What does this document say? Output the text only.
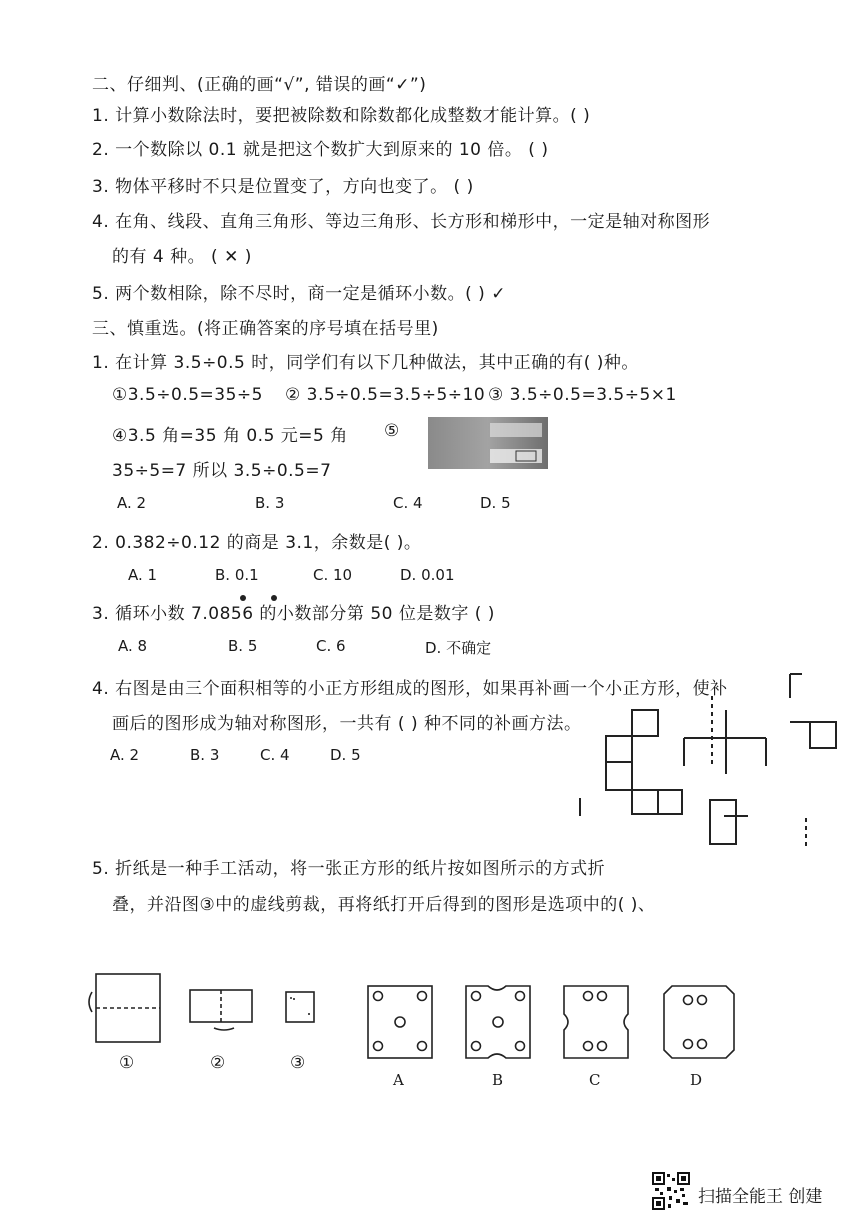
二、仔细判、(正确的画“√”, 错误的画“✓”)
1. 计算小数除法时，要把被除数和除数都化成整数才能计算。( )
2. 一个数除以 0.1 就是把这个数扩大到原来的 10 倍。 ( )
3. 物体平移时不只是位置变了，方向也变了。 ( )
4. 在角、线段、直角三角形、等边三角形、长方形和梯形中，一定是轴对称图形
的有 4 种。 ( ✕ )
5. 两个数相除，除不尽时，商一定是循环小数。( ) ✓
三、慎重选。(将正确答案的序号填在括号里)
1. 在计算 3.5÷0.5 时，同学们有以下几种做法，其中正确的有( )种。
①3.5÷0.5=35÷5 ② 3.5÷0.5=3.5÷5÷10 ③ 3.5÷0.5=3.5÷5×1
④3.5 角=35 角 0.5 元=5 角 ⑤
35÷5=7 所以 3.5÷0.5=7
A. 2	B. 3	C. 4	D. 5
2. 0.382÷0.12 的商是 3.1，余数是( )。
A. 1	B. 0.1	C. 10	D. 0.01
3. 循环小数 7.0856 的小数部分第 50 位是数字 ( )
A. 8	B. 5	C. 6	D. 不确定
4. 右图是由三个面积相等的小正方形组成的图形，如果再补画一个小正方形，使补
画后的图形成为轴对称图形，一共有 ( ) 种不同的补画方法。
A. 2	B. 3	C. 4	D. 5
5. 折纸是一种手工活动，将一张正方形的纸片按如图所示的方式折
叠，并沿图③中的虚线剪裁，再将纸打开后得到的图形是选项中的( )、
①	②	③
A	B	C	D
扫描全能王 创建
